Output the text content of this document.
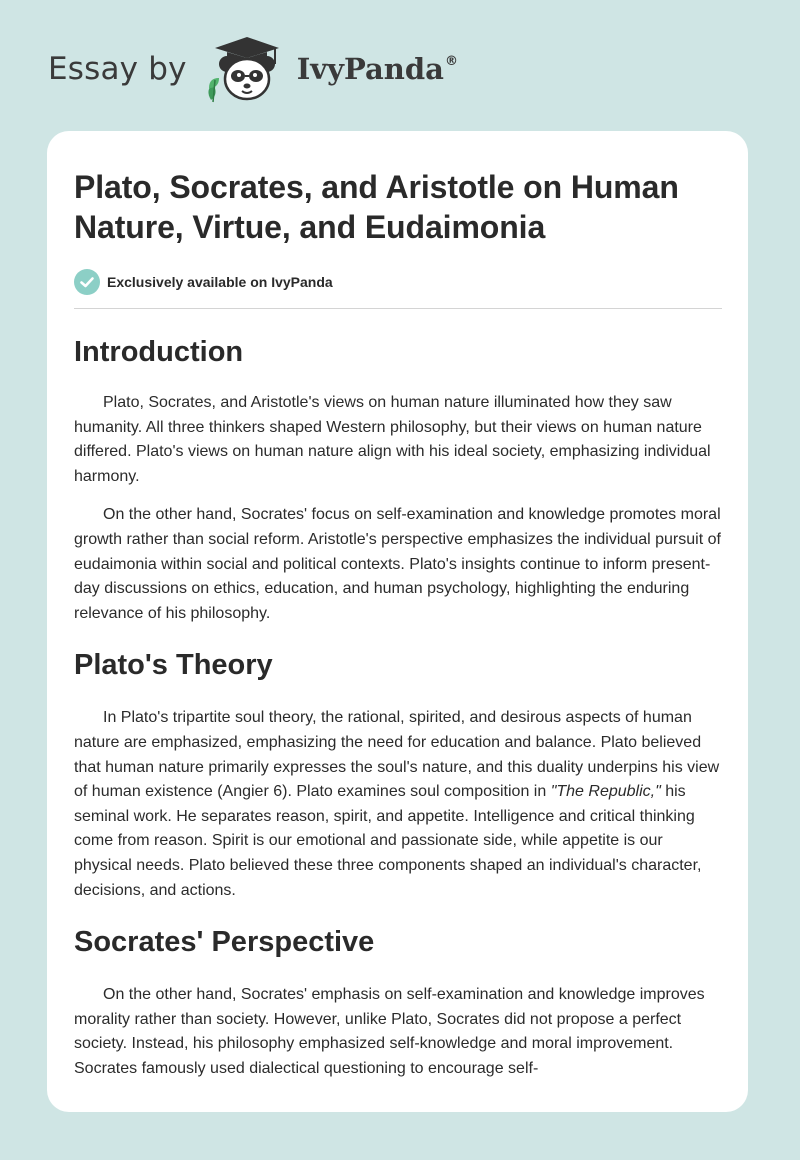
Essay by	IvyPanda®
Plato, Socrates, and Aristotle on Human Nature, Virtue, and Eudaimonia
Exclusively available on IvyPanda
Introduction

Plato, Socrates, and Aristotle's views on human nature illuminated how they saw humanity. All three thinkers shaped Western philosophy, but their views on human nature differed. Plato's views on human nature align with his ideal society, emphasizing individual harmony.

On the other hand, Socrates' focus on self-examination and knowledge promotes moral growth rather than social reform. Aristotle's perspective emphasizes the individual pursuit of eudaimonia within social and political contexts. Plato's insights continue to inform present-day discussions on ethics, education, and human psychology, highlighting the enduring relevance of his philosophy.

Plato's Theory

In Plato's tripartite soul theory, the rational, spirited, and desirous aspects of human nature are emphasized, emphasizing the need for education and balance. Plato believed that human nature primarily expresses the soul's nature, and this duality underpins his view of human existence (Angier 6). Plato examines soul composition in "The Republic," his seminal work. He separates reason, spirit, and appetite. Intelligence and critical thinking come from reason. Spirit is our emotional and passionate side, while appetite is our physical needs. Plato believed these three components shaped an individual's character, decisions, and actions.

Socrates' Perspective

On the other hand, Socrates' emphasis on self-examination and knowledge improves morality rather than society. However, unlike Plato, Socrates did not propose a perfect society. Instead, his philosophy emphasized self-knowledge and moral improvement. Socrates famously used dialectical questioning to encourage self-
